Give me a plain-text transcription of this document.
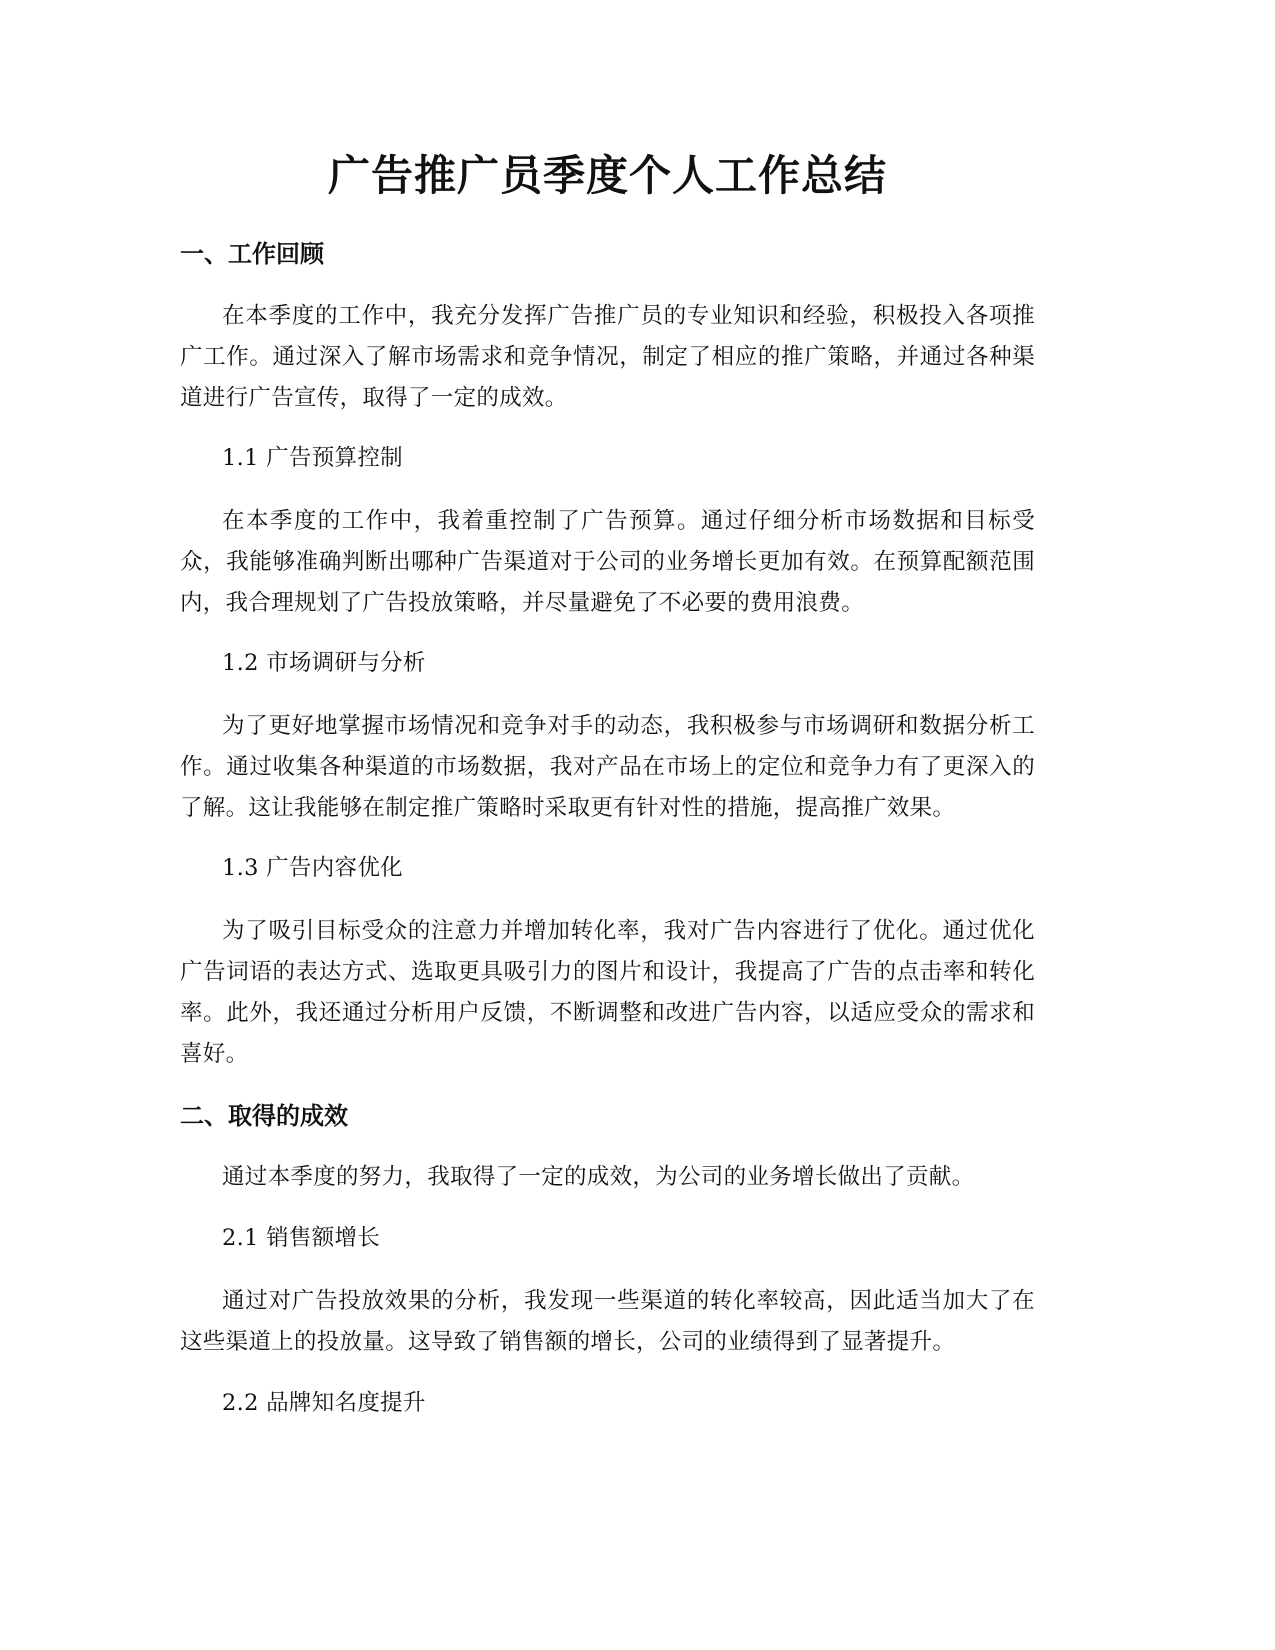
广告推广员季度个人工作总结
一、工作回顾

在本季度的工作中，我充分发挥广告推广员的专业知识和经验，积极投入各项推广工作。通过深入了解市场需求和竞争情况，制定了相应的推广策略，并通过各种渠道进行广告宣传，取得了一定的成效。

1.1 广告预算控制

在本季度的工作中，我着重控制了广告预算。通过仔细分析市场数据和目标受众，我能够准确判断出哪种广告渠道对于公司的业务增长更加有效。在预算配额范围内，我合理规划了广告投放策略，并尽量避免了不必要的费用浪费。

1.2 市场调研与分析

为了更好地掌握市场情况和竞争对手的动态，我积极参与市场调研和数据分析工作。通过收集各种渠道的市场数据，我对产品在市场上的定位和竞争力有了更深入的了解。这让我能够在制定推广策略时采取更有针对性的措施，提高推广效果。

1.3 广告内容优化

为了吸引目标受众的注意力并增加转化率，我对广告内容进行了优化。通过优化广告词语的表达方式、选取更具吸引力的图片和设计，我提高了广告的点击率和转化率。此外，我还通过分析用户反馈，不断调整和改进广告内容，以适应受众的需求和喜好。

二、取得的成效

通过本季度的努力，我取得了一定的成效，为公司的业务增长做出了贡献。

2.1 销售额增长

通过对广告投放效果的分析，我发现一些渠道的转化率较高，因此适当加大了在这些渠道上的投放量。这导致了销售额的增长，公司的业绩得到了显著提升。

2.2 品牌知名度提升
